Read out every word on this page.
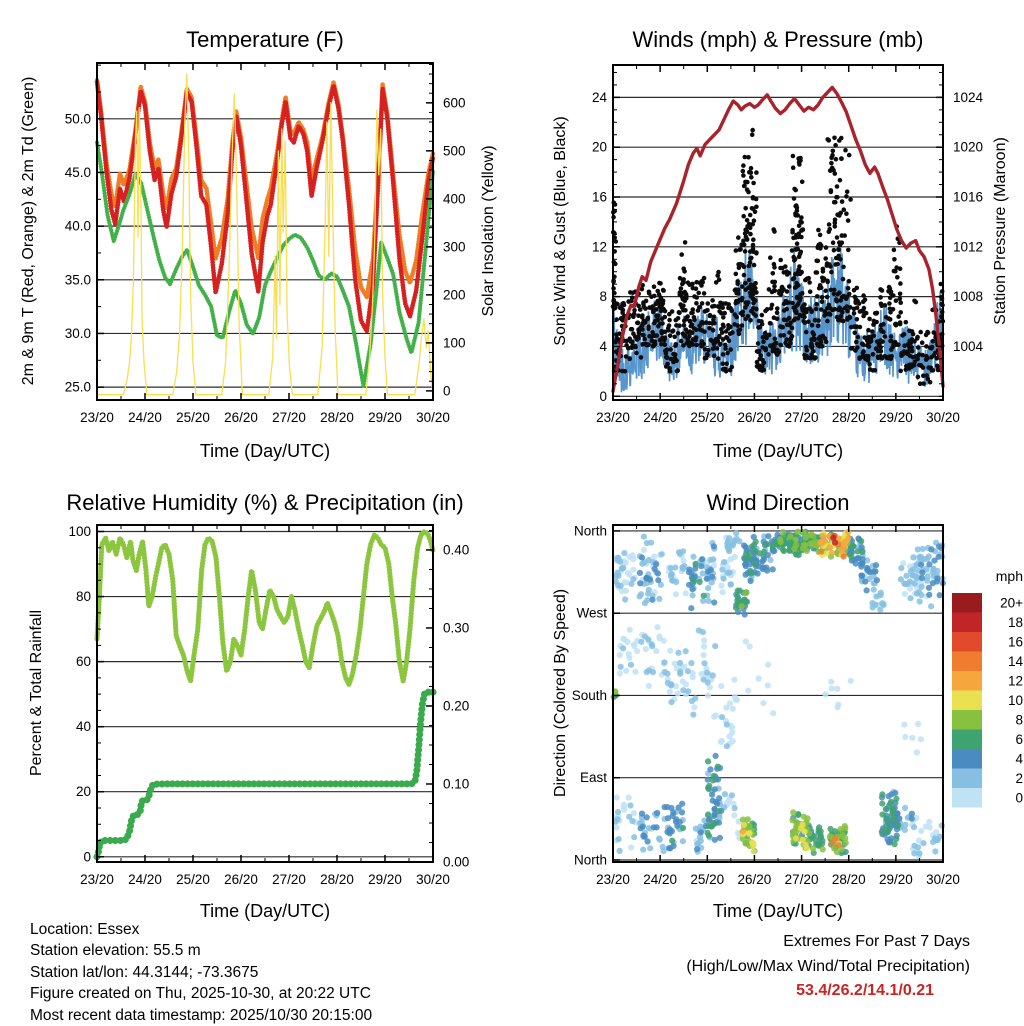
23/20 24/20 25/20 26/20 27/20 28/20 29/20 30/20
50.0
45.0
40.0
35.0
30.0
25.0
600
500
400
300
200
100
0
23/20 24/20 25/20 26/20 27/20 28/20 29/20 30/20
24
20
16
12
8
4
0
1024
1020
1016
1012
1008
1004
23/20 24/20 25/20 26/20 27/20 28/20 29/20 30/20
100
80
60
40
20
0
0.40
0.30
0.20
0.10
0.00
23/20 24/20 25/20 26/20 27/20 28/20 29/20 30/20
North
West
South
East
North
20+
18
16
14
12
10
8
6
4
2
0
Temperature (F)	Winds (mph) & Pressure (mb)
Relative Humidity (%) & Precipitation (in)	Wind Direction
2m & 9m T (Red, Orange) & 2m Td (Green)	Solar Insolation (Yellow)	Sonic Wind & Gust (Blue, Black)	Station Pressure (Maroon)
Percent & Total Rainfall	Direction (Colored By Speed)
Time (Day/UTC)	Time (Day/UTC)
Time (Day/UTC)	Time (Day/UTC)
mph
Location: Essex
Station elevation: 55.5 m
Station lat/lon: 44.3144; -73.3675
Figure created on Thu, 2025-10-30, at 20:22 UTC
Most recent data timestamp: 2025/10/30 20:15:00
Extremes For Past 7 Days
(High/Low/Max Wind/Total Precipitation)
53.4/26.2/14.1/0.21
